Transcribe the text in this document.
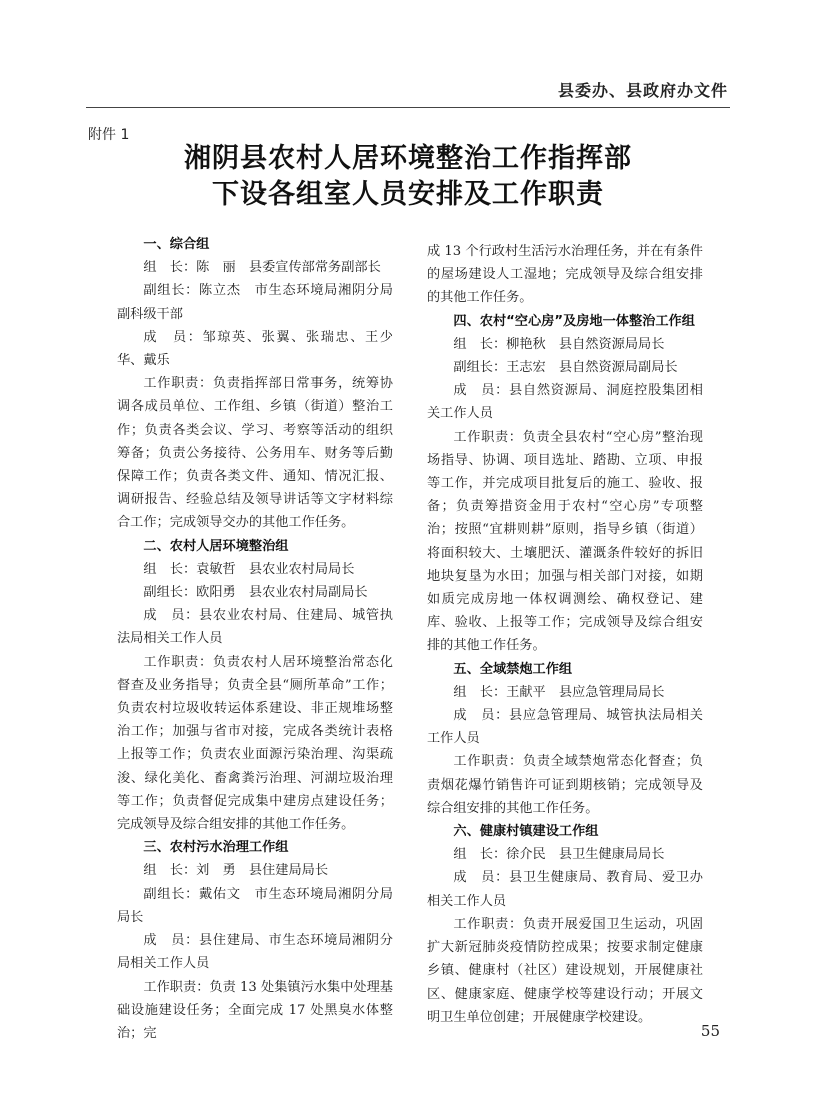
县委办、县政府办文件
附件 1
湘阴县农村人居环境整治工作指挥部
下设各组室人员安排及工作职责

一、综合组

组　长：陈　丽　县委宣传部常务副部长

副组长：陈立杰　市生态环境局湘阴分局副科级干部

成　员：邹琼英、张翼、张瑞忠、王少华、戴乐

工作职责：负责指挥部日常事务，统筹协调各成员单位、工作组、乡镇（街道）整治工作；负责各类会议、学习、考察等活动的组织筹备；负责公务接待、公务用车、财务等后勤保障工作；负责各类文件、通知、情况汇报、调研报告、经验总结及领导讲话等文字材料综合工作；完成领导交办的其他工作任务。

二、农村人居环境整治组

组　长：袁敏哲　县农业农村局局长

副组长：欧阳勇　县农业农村局副局长

成　员：县农业农村局、住建局、城管执法局相关工作人员

工作职责：负责农村人居环境整治常态化督查及业务指导；负责全县“厕所革命”工作；负责农村垃圾收转运体系建设、非正规堆场整治工作；加强与省市对接，完成各类统计表格上报等工作；负责农业面源污染治理、沟渠疏浚、绿化美化、畜禽粪污治理、河湖垃圾治理等工作；负责督促完成集中建房点建设任务；完成领导及综合组安排的其他工作任务。

三、农村污水治理工作组

组　长：刘　勇　县住建局局长

副组长：戴佑文　市生态环境局湘阴分局局长

成　员：县住建局、市生态环境局湘阴分局相关工作人员

工作职责：负责 13 处集镇污水集中处理基础设施建设任务；全面完成 17 处黑臭水体整治；完

成 13 个行政村生活污水治理任务，并在有条件的屋场建设人工湿地；完成领导及综合组安排的其他工作任务。

四、农村“空心房”及房地一体整治工作组

组　长：柳艳秋　县自然资源局局长

副组长：王志宏　县自然资源局副局长

成　员：县自然资源局、洞庭控股集团相关工作人员

工作职责：负责全县农村“空心房”整治现场指导、协调、项目选址、踏勘、立项、申报等工作，并完成项目批复后的施工、验收、报备；负责筹措资金用于农村“空心房”专项整治；按照“宜耕则耕”原则，指导乡镇（街道）将面积较大、土壤肥沃、灌溉条件较好的拆旧地块复垦为水田；加强与相关部门对接，如期如质完成房地一体权调测绘、确权登记、建库、验收、上报等工作；完成领导及综合组安排的其他工作任务。

五、全域禁炮工作组

组　长：王献平　县应急管理局局长

成　员：县应急管理局、城管执法局相关工作人员

工作职责：负责全域禁炮常态化督查；负责烟花爆竹销售许可证到期核销；完成领导及综合组安排的其他工作任务。

六、健康村镇建设工作组

组　长：徐介民　县卫生健康局局长

成　员：县卫生健康局、教育局、爱卫办相关工作人员

工作职责：负责开展爱国卫生运动，巩固扩大新冠肺炎疫情防控成果；按要求制定健康乡镇、健康村（社区）建设规划，开展健康社区、健康家庭、健康学校等建设行动；开展文明卫生单位创建；开展健康学校建设。

55
